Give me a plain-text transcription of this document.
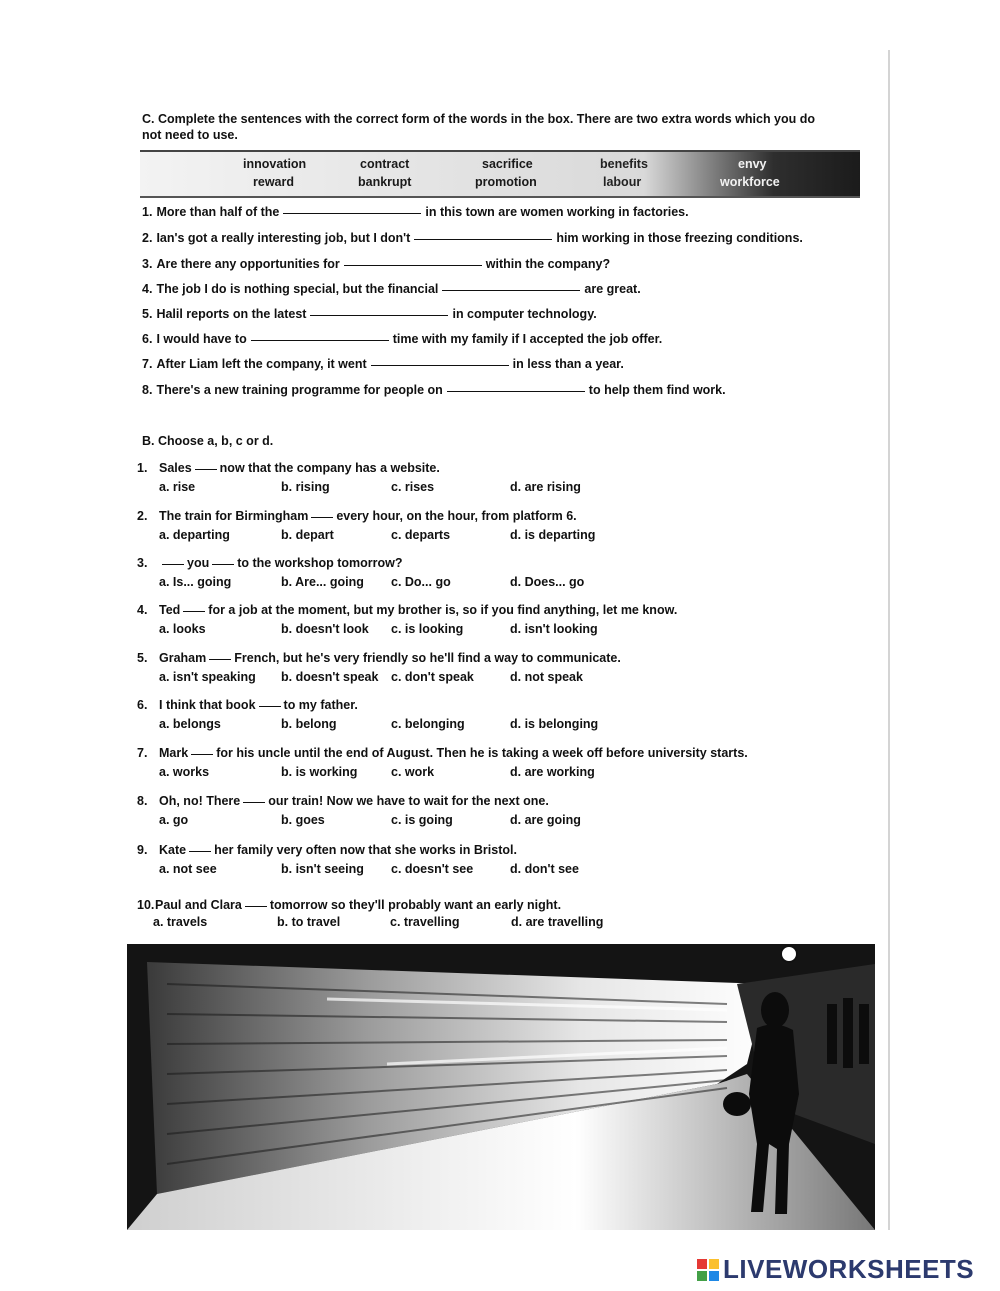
C. Complete the sentences with the correct form of the words in the box. There are two extra words which you do not need to use.
innovation	contract	sacrifice	benefits	envy
reward	bankrupt	promotion	labour	workforce
1. More than half of the	in this town are women working in factories.
2. Ian's got a really interesting job, but I don't	him working in those freezing conditions.
3. Are there any opportunities for	within the company?
4. The job I do is nothing special, but the financial	are great.
5. Halil reports on the latest	in computer technology.
6. I would have to	time with my family if I accepted the job offer.
7. After Liam left the company, it went	in less than a year.
8. There's a new training programme for people on	to help them find work.
B. Choose a, b, c or d.
1. Sales now that the company has a website.
a. rise	b. rising	c. rises	d. are rising
2. The train for Birmingham every hour, on the hour, from platform 6.
a. departing	b. depart	c. departs	d. is departing
3.	you to the workshop tomorrow?
a. Is... going	b. Are... going c. Do... go	d. Does... go
4. Ted for a job at the moment, but my brother is, so if you find anything, let me know.
a. looks	b. doesn't look c. is looking	d. isn't looking
5. Graham French, but he's very friendly so he'll find a way to communicate.
a. isn't speaking b. doesn't speak c. don't speak	d. not speak
6. I think that book to my father.
a. belongs	b. belong	c. belonging	d. is belonging
7. Mark for his uncle until the end of August. Then he is taking a week off before university starts.
a. works	b. is working	c. work	d. are working
8. Oh, no! There our train! Now we have to wait for the next one.
a. go	b. goes	c. is going	d. are going
9. Kate her family very often now that she works in Bristol.
a. not see	b. isn't seeing c. doesn't see	d. don't see
10.Paul and Clara tomorrow so they'll probably want an early night.
a. travels	b. to travel	c. travelling	d. are travelling
LIVEWORKSHEETS
